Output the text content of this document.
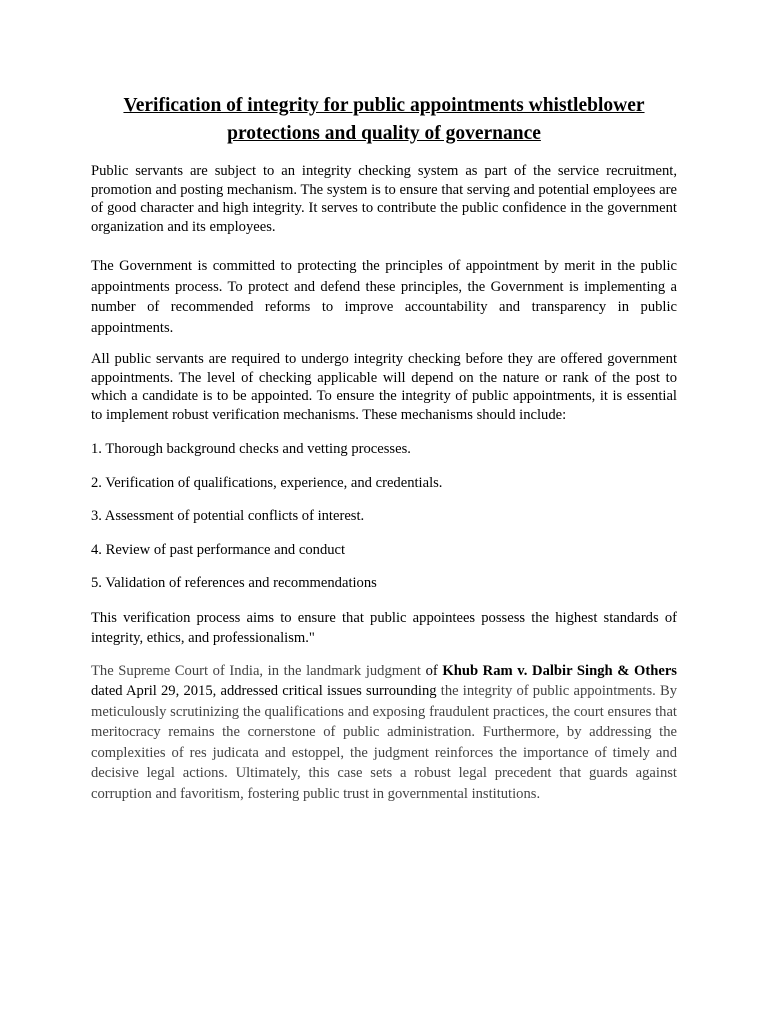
Verification of integrity for public appointments whistleblower protections and quality of governance

Public servants are subject to an integrity checking system as part of the service recruitment, promotion and posting mechanism. The system is to ensure that serving and potential employees are of good character and high integrity. It serves to contribute the public confidence in the government organization and its employees.

The Government is committed to protecting the principles of appointment by merit in the public appointments process. To protect and defend these principles, the Government is implementing a number of recommended reforms to improve accountability and transparency in public appointments.

All public servants are required to undergo integrity checking before they are offered government appointments. The level of checking applicable will depend on the nature or rank of the post to which a candidate is to be appointed. To ensure the integrity of public appointments, it is essential to implement robust verification mechanisms. These mechanisms should include:

1. Thorough background checks and vetting processes.

2. Verification of qualifications, experience, and credentials.

3. Assessment of potential conflicts of interest.

4. Review of past performance and conduct

5. Validation of references and recommendations

This verification process aims to ensure that public appointees possess the highest standards of integrity, ethics, and professionalism."

The Supreme Court of India, in the landmark judgment of Khub Ram v. Dalbir Singh & Others dated April 29, 2015, addressed critical issues surrounding the integrity of public appointments. By meticulously scrutinizing the qualifications and exposing fraudulent practices, the court ensures that meritocracy remains the cornerstone of public administration. Furthermore, by addressing the complexities of res judicata and estoppel, the judgment reinforces the importance of timely and decisive legal actions. Ultimately, this case sets a robust legal precedent that guards against corruption and favoritism, fostering public trust in governmental institutions.
